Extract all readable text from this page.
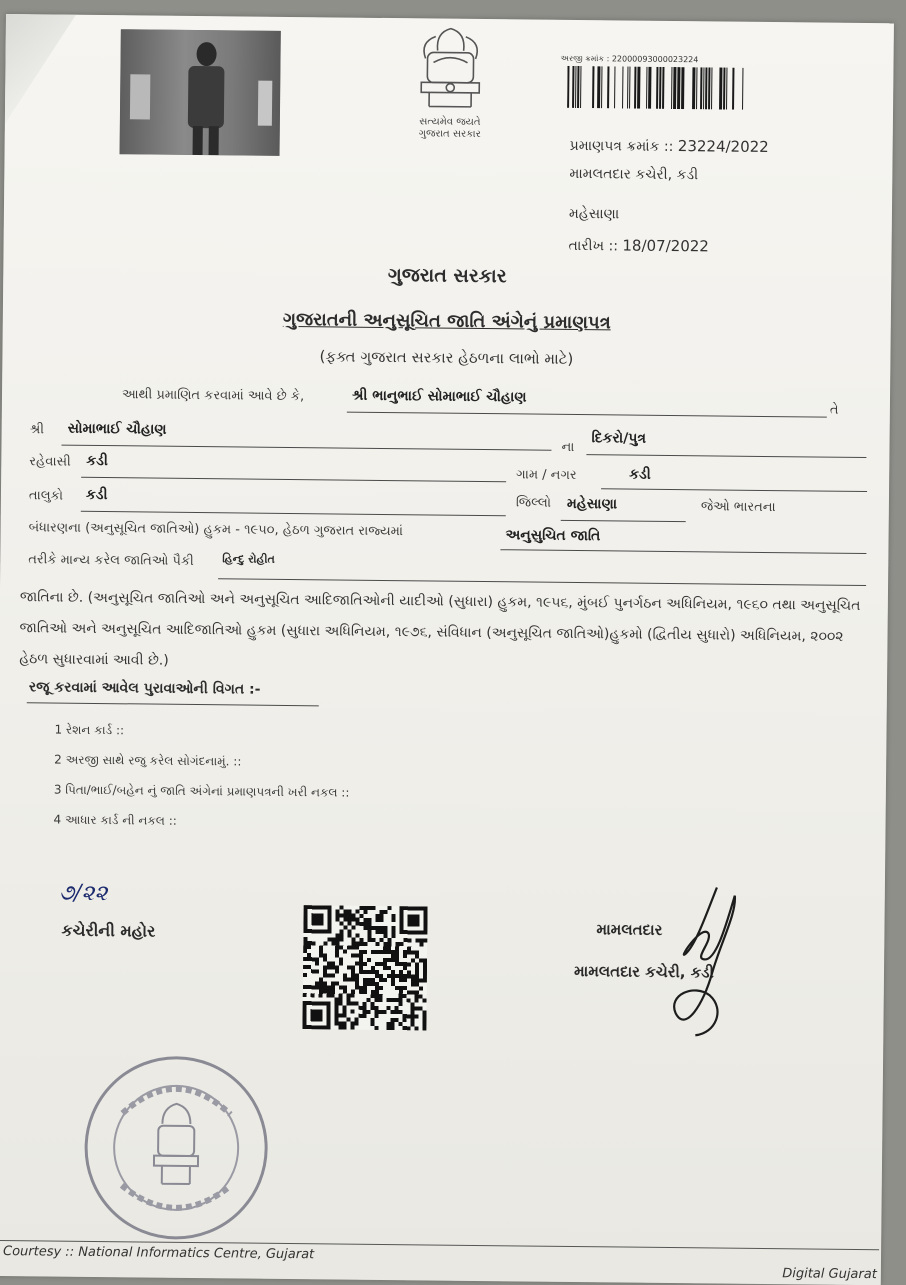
સત્યમેવ જયતે
ગુજરાત સરકાર
અરજી ક્રમાંક : 22000093000023224
પ્રમાણપત્ર ક્રમાંક :: 23224/2022
મામલતદાર કચેરી, કડી
મહેસાણા
તારીખ :: 18/07/2022
ગુજરાત સરકાર
ગુજરાતની અનુસૂચિત જાતિ અંગેનું પ્રમાણપત્ર
(ફક્ત ગુજરાત સરકાર હેઠળના લાભો માટે)
આથી પ્રમાણિત કરવામાં આવે છે કે,	શ્રી ભાનુભાઈ સોમાભાઈ ચૌહાણ
તે
શ્રી સોમાભાઈ ચૌહાણ
ના
દિકરો/પુત્ર
રહેવાસી કડી
ગામ / નગર	કડી
તાલુકો કડી	જિલ્લો મહેસાણા	જેઓ ભારતના
બંધારણના (અનુસૂચિત જાતિઓ) હુકમ - ૧૯૫૦, હેઠળ ગુજરાત રાજ્યમાં	અનુસુચિત જાતિ
તરીકે માન્ય કરેલ જાતિઓ પૈકી	હિન્દુ રોહીત
જાતિના છે. (અનુસૂચિત જાતિઓ અને અનુસૂચિત આદિજાતિઓની યાદીઓ (સુધારા) હુકમ, ૧૯૫૬, મુંબઈ પુનર્ગઠન અધિનિયમ, ૧૯૬૦ તથા અનુસૂચિત જાતિઓ અને અનુસૂચિત આદિજાતિઓ હુકમ (સુધારા અધિનિયમ, ૧૯૭૬, સંવિધાન (અનુસૂચિત જાતિઓ)હુકમો (દ્વિતીય સુધારો) અધિનિયમ, ૨૦૦૨ હેઠળ સુધારવામાં આવી છે.)
રજૂ કરવામાં આવેલ પુરાવાઓની વિગત :-
1 રેશન કાર્ડ ::
2 અરજી સાથે રજુ કરેલ સોગંદનામું. ::
3 પિતા/ભાઈ/બહેન નું જાતિ અંગેનાં પ્રમાણપત્રની ખરી નકલ ::
4 આધાર કાર્ડ ની નકલ ::
૭/૨૨
કચેરીની મહોર	મામલતદાર
મામલતદાર કચેરી, કડી
Courtesy :: National Informatics Centre, Gujarat
Digital Gujarat
